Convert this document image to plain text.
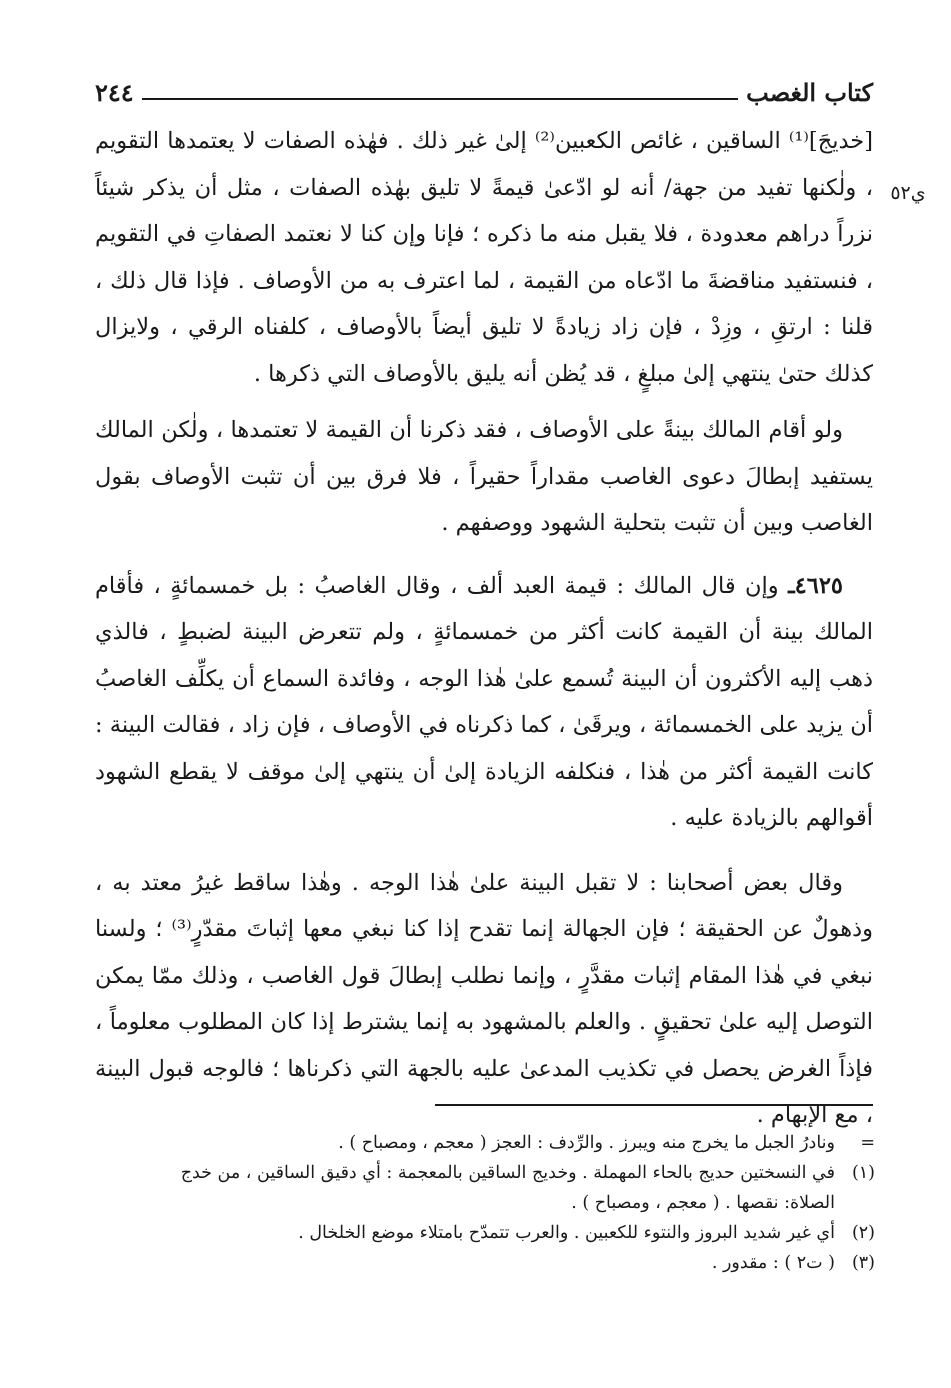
كتاب الغصب
٢٤٤
ي٥٢

[خديجَ]⁽¹⁾ الساقين ، غائص الكعبين⁽²⁾ إلىٰ غير ذلك . فهٰذه الصفات لا يعتمدها التقويم ، ولٰكنها تفيد من جهة/ أنه لو ادّعىٰ قيمةً لا تليق بهٰذه الصفات ، مثل أن يذكر شيئاً نزراً دراهم معدودة ، فلا يقبل منه ما ذكره ؛ فإنا وإن كنا لا نعتمد الصفاتِ في التقويم ، فنستفيد مناقضةَ ما ادّعاه من القيمة ، لما اعترف به من الأوصاف . فإذا قال ذلك ، قلنا : ارتقِ ، وزِدْ ، فإن زاد زيادةً لا تليق أيضاً بالأوصاف ، كلفناه الرقي ، ولايزال كذلك حتىٰ ينتهي إلىٰ مبلغٍ ، قد يُظن أنه يليق بالأوصاف التي ذكرها .

ولو أقام المالك بينةً على الأوصاف ، فقد ذكرنا أن القيمة لا تعتمدها ، ولٰكن المالك يستفيد إبطالَ دعوى الغاصب مقداراً حقيراً ، فلا فرق بين أن تثبت الأوصاف بقول الغاصب وبين أن تثبت بتحلية الشهود ووصفهم .

٤٦٢٥ـ وإن قال المالك : قيمة العبد ألف ، وقال الغاصبُ : بل خمسمائةٍ ، فأقام المالك بينة أن القيمة كانت أكثر من خمسمائةٍ ، ولم تتعرض البينة لضبطٍ ، فالذي ذهب إليه الأكثرون أن البينة تُسمع علىٰ هٰذا الوجه ، وفائدة السماع أن يكلِّف الغاصبُ أن يزيد على الخمسمائة ، ويرقَىٰ ، كما ذكرناه في الأوصاف ، فإن زاد ، فقالت البينة : كانت القيمة أكثر من هٰذا ، فنكلفه الزيادة إلىٰ أن ينتهي إلىٰ موقف لا يقطع الشهود أقوالهم بالزيادة عليه .

وقال بعض أصحابنا : لا تقبل البينة علىٰ هٰذا الوجه . وهٰذا ساقط غيرُ معتد به ، وذهولٌ عن الحقيقة ؛ فإن الجهالة إنما تقدح إذا كنا نبغي معها إثباتَ مقدّرٍ⁽³⁾ ؛ ولسنا نبغي في هٰذا المقام إثبات مقدَّرٍ ، وإنما نطلب إبطالَ قول الغاصب ، وذلك ممّا يمكن التوصل إليه علىٰ تحقيقٍ . والعلم بالمشهود به إنما يشترط إذا كان المطلوب معلوماً ، فإذاً الغرض يحصل في تكذيب المدعىٰ عليه بالجهة التي ذكرناها ؛ فالوجه قبول البينة ، مع الإبهام .

=
ونادرُ الجبل ما يخرج منه ويبرز . والرِّدف : العجز ( معجم ، ومصباح ) .
(١)
في النسختين حديج بالحاء المهملة . وخديج الساقين بالمعجمة : أي دقيق الساقين ، من خدج
الصلاة: نقصها . ( معجم ، ومصباح ) .
(٢)
أي غير شديد البروز والنتوء للكعبين . والعرب تتمدّح بامتلاء موضع الخلخال .
(٣)
( ت٢ ) : مقدور .
